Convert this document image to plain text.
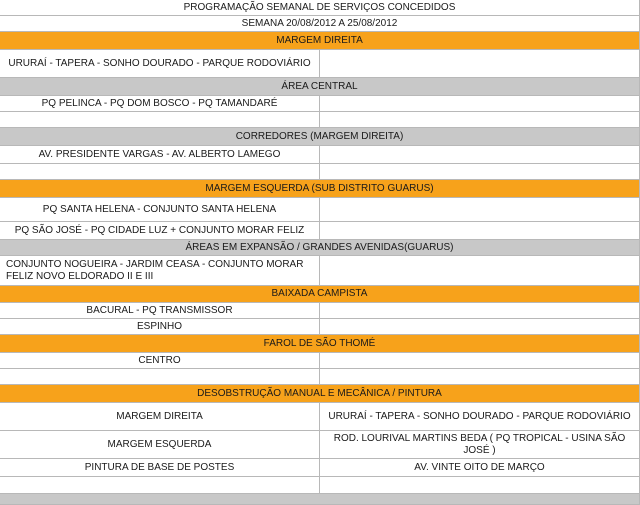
PROGRAMAÇÃO SEMANAL DE SERVIÇOS CONCEDIDOS
SEMANA 20/08/2012 A 25/08/2012
MARGEM DIREITA
URURAÍ - TAPERA - SONHO DOURADO - PARQUE RODOVIÁRIO
ÁREA CENTRAL
PQ PELINCA - PQ DOM BOSCO - PQ TAMANDARÉ
CORREDORES (MARGEM DIREITA)
AV. PRESIDENTE VARGAS - AV. ALBERTO LAMEGO
MARGEM ESQUERDA (SUB DISTRITO GUARUS)
PQ SANTA HELENA - CONJUNTO SANTA HELENA
PQ SÃO JOSÉ - PQ CIDADE LUZ + CONJUNTO MORAR FELIZ
ÁREAS EM EXPANSÃO / GRANDES AVENIDAS(GUARUS)
CONJUNTO NOGUEIRA - JARDIM CEASA - CONJUNTO MORAR FELIZ NOVO ELDORADO II E III
BAIXADA CAMPISTA
BACURAL - PQ TRANSMISSOR
ESPINHO
FAROL DE SÃO THOMÉ
CENTRO
DESOBSTRUÇÃO MANUAL E MECÂNICA / PINTURA
MARGEM DIREITA	URURAÍ - TAPERA - SONHO DOURADO - PARQUE RODOVIÁRIO
MARGEM ESQUERDA
ROD. LOURIVAL MARTINS BEDA ( PQ TROPICAL - USINA SÃO JOSÉ )
PINTURA DE BASE DE POSTES	AV. VINTE OITO DE MARÇO
